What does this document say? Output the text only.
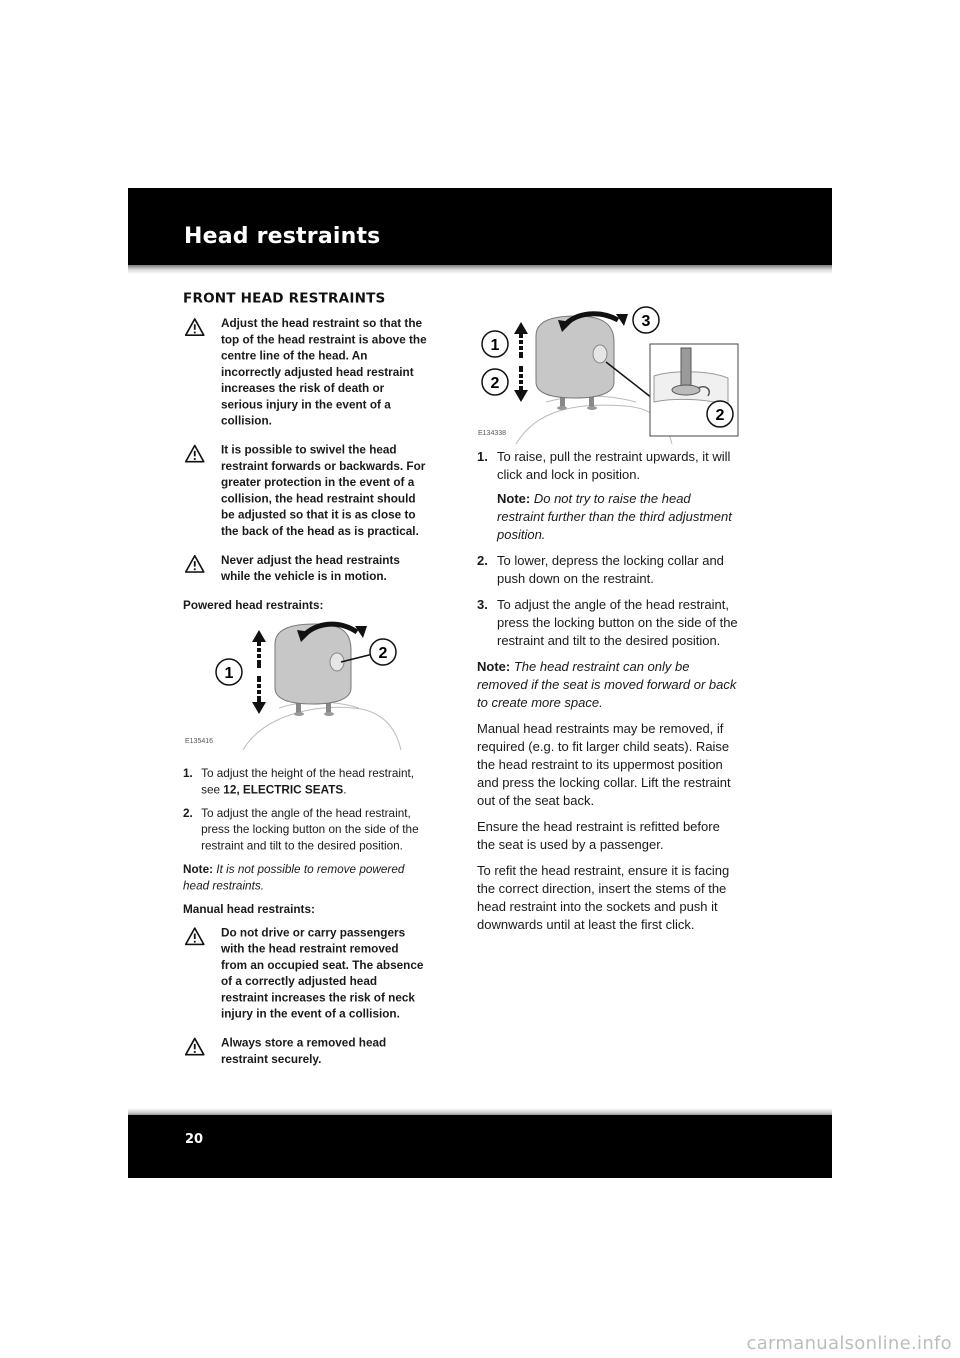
Head restraints
1
2
3
2
E134338
1
2
E135416
FRONT HEAD RESTRAINTS
Adjust the head restraint so that the top of the head restraint is above the centre line of the head. An incorrectly adjusted head restraint increases the risk of death or serious injury in the event of a collision.
It is possible to swivel the head restraint forwards or backwards. For greater protection in the event of a collision, the head restraint should be adjusted so that it is as close to the back of the head as is practical.
Never adjust the head restraints while the vehicle is in motion.

Powered head restraints:

1. To adjust the height of the head restraint, see 12, ELECTRIC SEATS.
2. To adjust the angle of the head restraint, press the locking button on the side of the restraint and tilt to the desired position.

Note: It is not possible to remove powered head restraints.

Manual head restraints:

Do not drive or carry passengers with the head restraint removed from an occupied seat. The absence of a correctly adjusted head restraint increases the risk of neck injury in the event of a collision.
Always store a removed head restraint securely.
1. To raise, pull the restraint upwards, it will click and lock in position.

Note: Do not try to raise the head restraint further than the third adjustment position.

2. To lower, depress the locking collar and push down on the restraint.
3. To adjust the angle of the head restraint, press the locking button on the side of the restraint and tilt to the desired position.

Note: The head restraint can only be removed if the seat is moved forward or back to create more space.

Manual head restraints may be removed, if required (e.g. to fit larger child seats). Raise the head restraint to its uppermost position and press the locking collar. Lift the restraint out of the seat back.

Ensure the head restraint is refitted before the seat is used by a passenger.

To refit the head restraint, ensure it is facing the correct direction, insert the stems of the head restraint into the sockets and push it downwards until at least the first click.

20
carmanualsonline.info
